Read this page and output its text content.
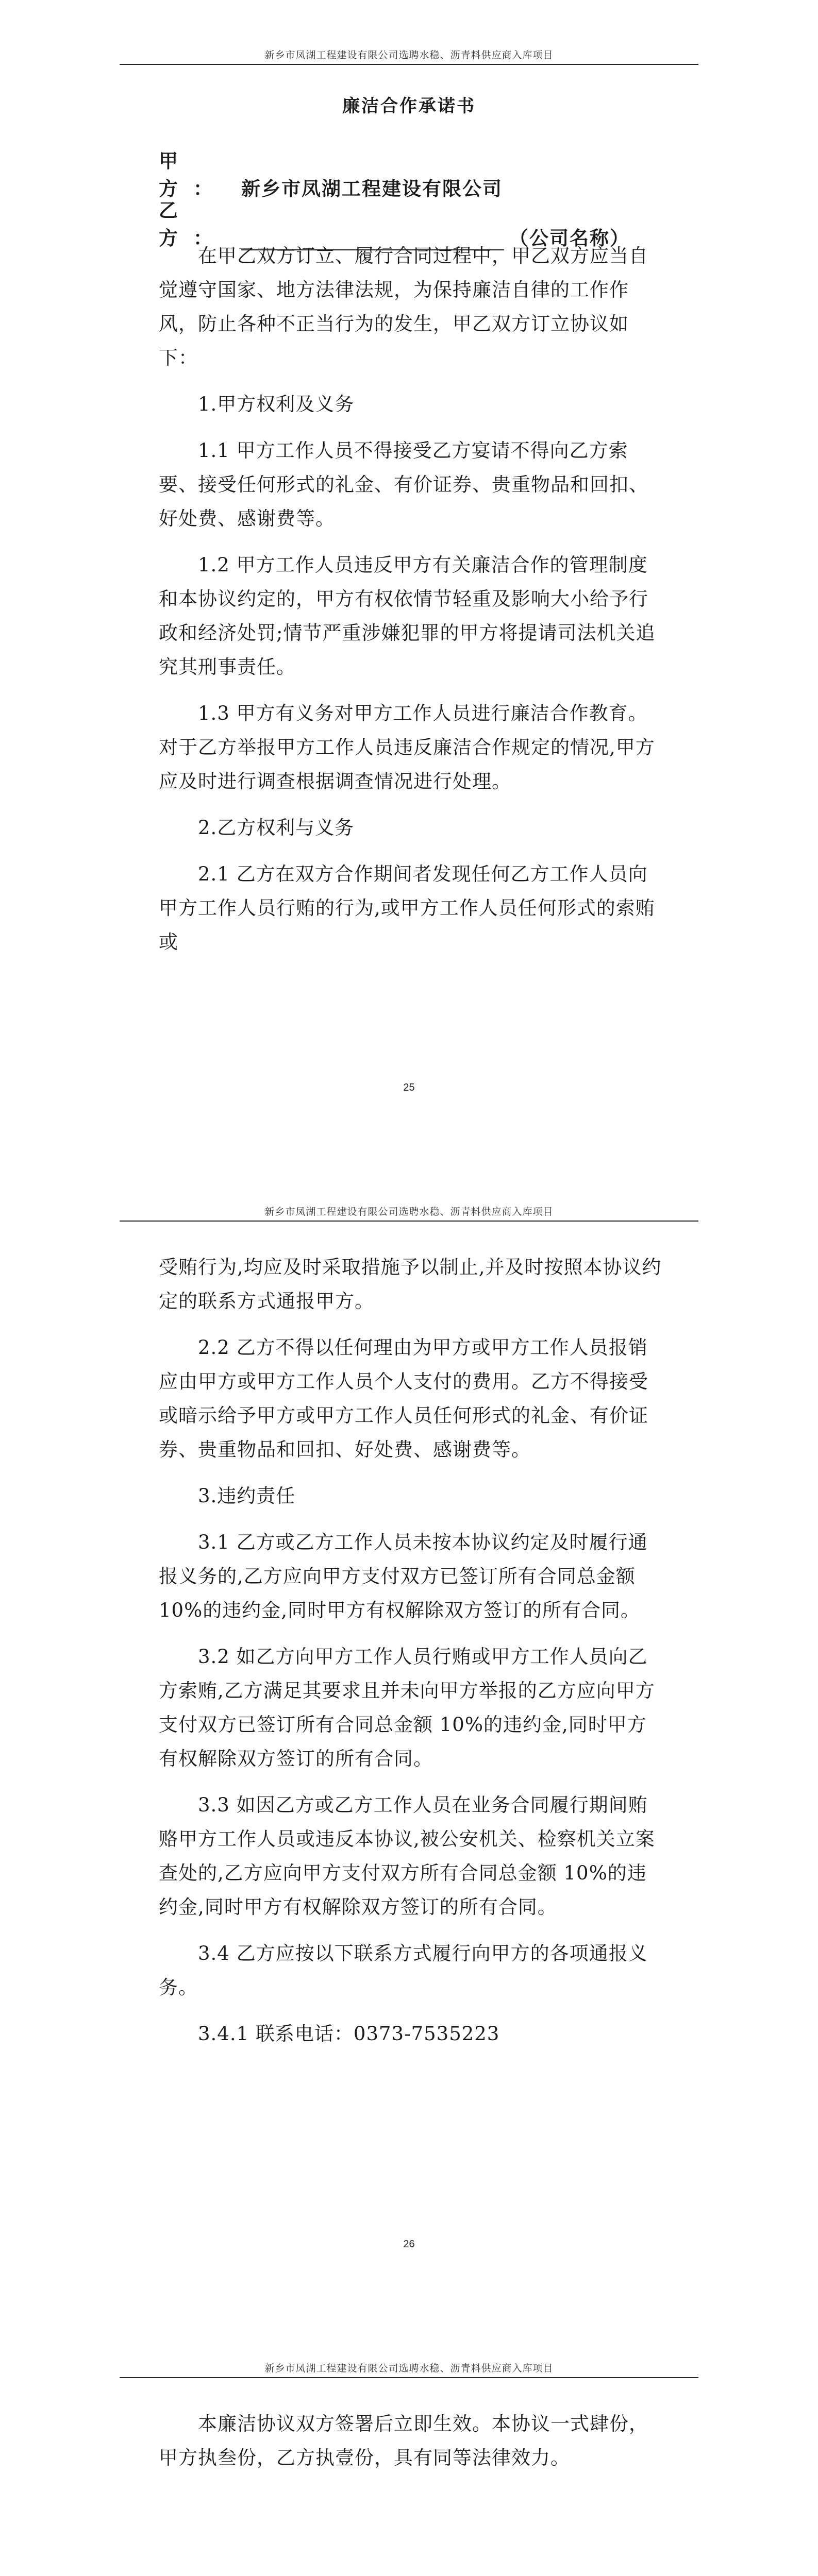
新乡市凤湖工程建设有限公司选聘水稳、沥青料供应商入库项目
廉洁合作承诺书
甲　方： 新乡市凤湖工程建设有限公司
乙　方：	（公司名称）

在甲乙双方订立、履行合同过程中，甲乙双方应当自觉遵守国家、地方法律法规，为保持廉洁自律的工作作风，防止各种不正当行为的发生，甲乙双方订立协议如下：

1.甲方权利及义务

1.1 甲方工作人员不得接受乙方宴请不得向乙方索要、接受任何形式的礼金、有价证券、贵重物品和回扣、好处费、感谢费等。

1.2 甲方工作人员违反甲方有关廉洁合作的管理制度和本协议约定的，甲方有权依情节轻重及影响大小给予行政和经济处罚;情节严重涉嫌犯罪的甲方将提请司法机关追究其刑事责任。

1.3 甲方有义务对甲方工作人员进行廉洁合作教育。对于乙方举报甲方工作人员违反廉洁合作规定的情况,甲方应及时进行调查根据调查情况进行处理。

2.乙方权利与义务

2.1 乙方在双方合作期间者发现任何乙方工作人员向甲方工作人员行贿的行为,或甲方工作人员任何形式的索贿或

25
新乡市凤湖工程建设有限公司选聘水稳、沥青料供应商入库项目

受贿行为,均应及时采取措施予以制止,并及时按照本协议约定的联系方式通报甲方。

2.2 乙方不得以任何理由为甲方或甲方工作人员报销应由甲方或甲方工作人员个人支付的费用。乙方不得接受或暗示给予甲方或甲方工作人员任何形式的礼金、有价证券、贵重物品和回扣、好处费、感谢费等。

3.违约责任

3.1 乙方或乙方工作人员未按本协议约定及时履行通报义务的,乙方应向甲方支付双方已签订所有合同总金额 10%的违约金,同时甲方有权解除双方签订的所有合同。

3.2 如乙方向甲方工作人员行贿或甲方工作人员向乙方索贿,乙方满足其要求且并未向甲方举报的乙方应向甲方支付双方已签订所有合同总金额 10%的违约金,同时甲方有权解除双方签订的所有合同。

3.3 如因乙方或乙方工作人员在业务合同履行期间贿赂甲方工作人员或违反本协议,被公安机关、检察机关立案查处的,乙方应向甲方支付双方所有合同总金额 10%的违约金,同时甲方有权解除双方签订的所有合同。

3.4 乙方应按以下联系方式履行向甲方的各项通报义务。

3.4.1 联系电话：0373-7535223

26
新乡市凤湖工程建设有限公司选聘水稳、沥青料供应商入库项目

本廉洁协议双方签署后立即生效。本协议一式肆份，甲方执叁份，乙方执壹份，具有同等法律效力。
